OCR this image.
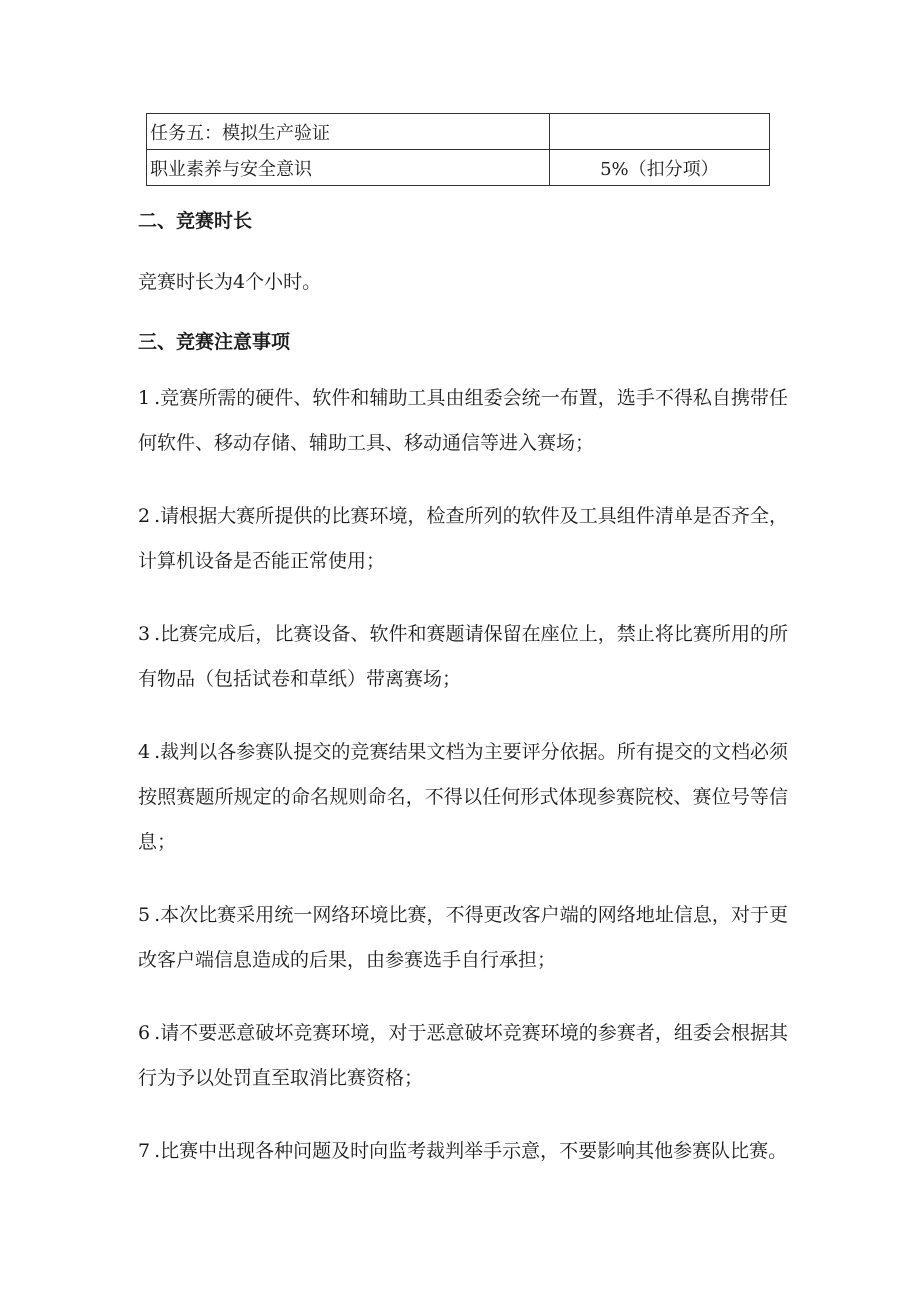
任务五：模拟生产验证	
职业素养与安全意识	5%（扣分项）
二、竞赛时长

竞赛时长为4个小时。

三、竞赛注意事项
1 .竞赛所需的硬件、软件和辅助工具由组委会统一布置，选手不得私自携带任何软件、移动存储、辅助工具、移动通信等进入赛场；
2 .请根据大赛所提供的比赛环境，检查所列的软件及工具组件清单是否齐全，计算机设备是否能正常使用；
3 .比赛完成后，比赛设备、软件和赛题请保留在座位上，禁止将比赛所用的所有物品（包括试卷和草纸）带离赛场；
4 .裁判以各参赛队提交的竞赛结果文档为主要评分依据。所有提交的文档必须按照赛题所规定的命名规则命名，不得以任何形式体现参赛院校、赛位号等信息；
5 .本次比赛采用统一网络环境比赛，不得更改客户端的网络地址信息，对于更改客户端信息造成的后果，由参赛选手自行承担；
6 .请不要恶意破坏竞赛环境，对于恶意破坏竞赛环境的参赛者，组委会根据其行为予以处罚直至取消比赛资格；
7 .比赛中出现各种问题及时向监考裁判举手示意，不要影响其他参赛队比赛。
